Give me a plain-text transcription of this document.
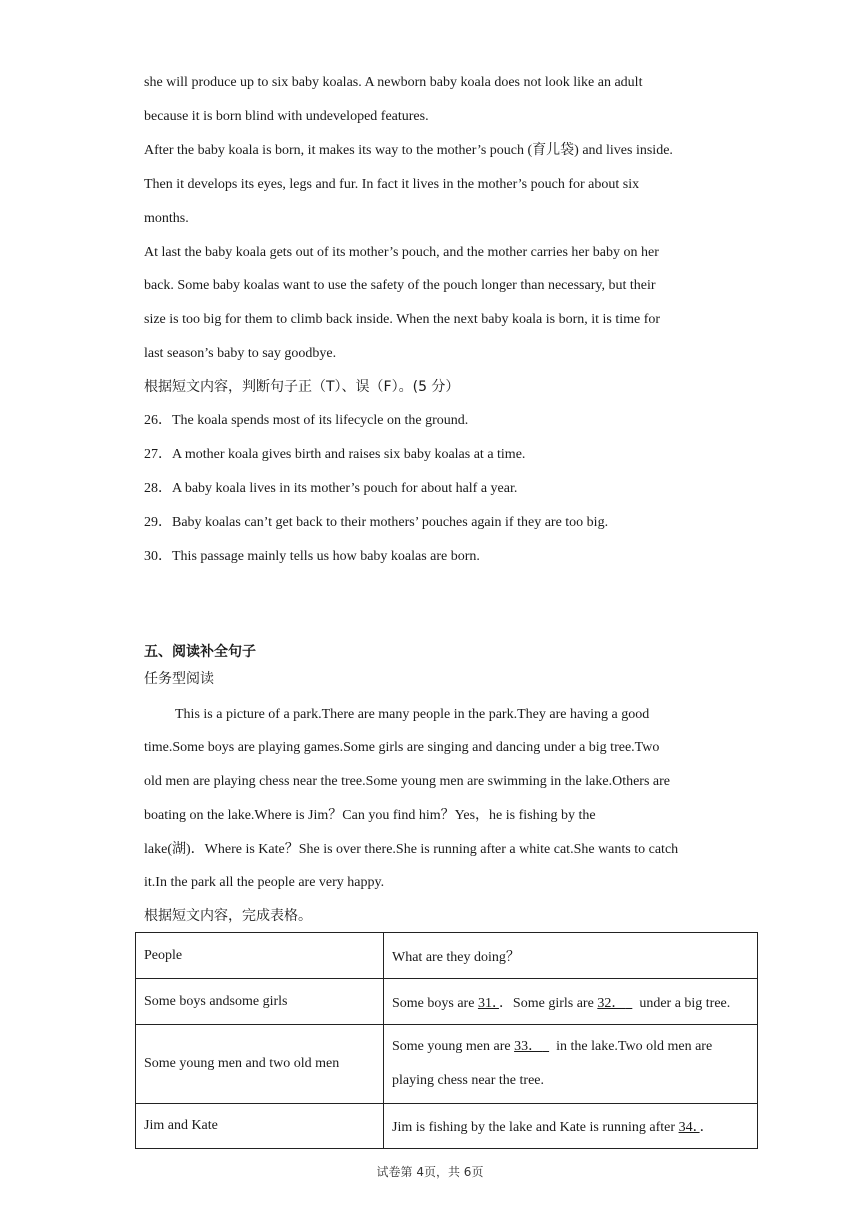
she will produce up to six baby koalas. A newborn baby koala does not look like an adult
because it is born blind with undeveloped features.
After the baby koala is born, it makes its way to the mother’s pouch (育儿袋) and lives inside.
Then it develops its eyes, legs and fur. In fact it lives in the mother’s pouch for about six
months.
At last the baby koala gets out of its mother’s pouch, and the mother carries her baby on her
back. Some baby koalas want to use the safety of the pouch longer than necessary, but their
size is too big for them to climb back inside. When the next baby koala is born, it is time for
last season’s baby to say goodbye.
根据短文内容，判断句子正（T）、误（F）。(5 分）
26．The koala spends most of its lifecycle on the ground.
27．A mother koala gives birth and raises six baby koalas at a time.
28．A baby koala lives in its mother’s pouch for about half a year.
29．Baby koalas can’t get back to their mothers’ pouches again if they are too big.
30．This passage mainly tells us how baby koalas are born.
五、阅读补全句子
任务型阅读
This is a picture of a park.There are many people in the park.They are having a good
time.Some boys are playing games.Some girls are singing and dancing under a big tree.Two
old men are playing chess near the tree.Some young men are swimming in the lake.Others are
boating on the lake.Where is Jim？Can you find him？Yes，he is fishing by the
lake(湖)．Where is Kate？She is over there.She is running after a white cat.She wants to catch
it.In the park all the people are very happy.
根据短文内容，完成表格。
People	What are they doing？
Some boys andsome girls	Some boys are 31．．Some girls are 32． under a big tree.
Some young men and two old men	Some young men are 33． in the lake.Two old men are
playing chess near the tree.
Jim and Kate	Jim is fishing by the lake and Kate is running after 34．．
试卷第 4页，共 6页
